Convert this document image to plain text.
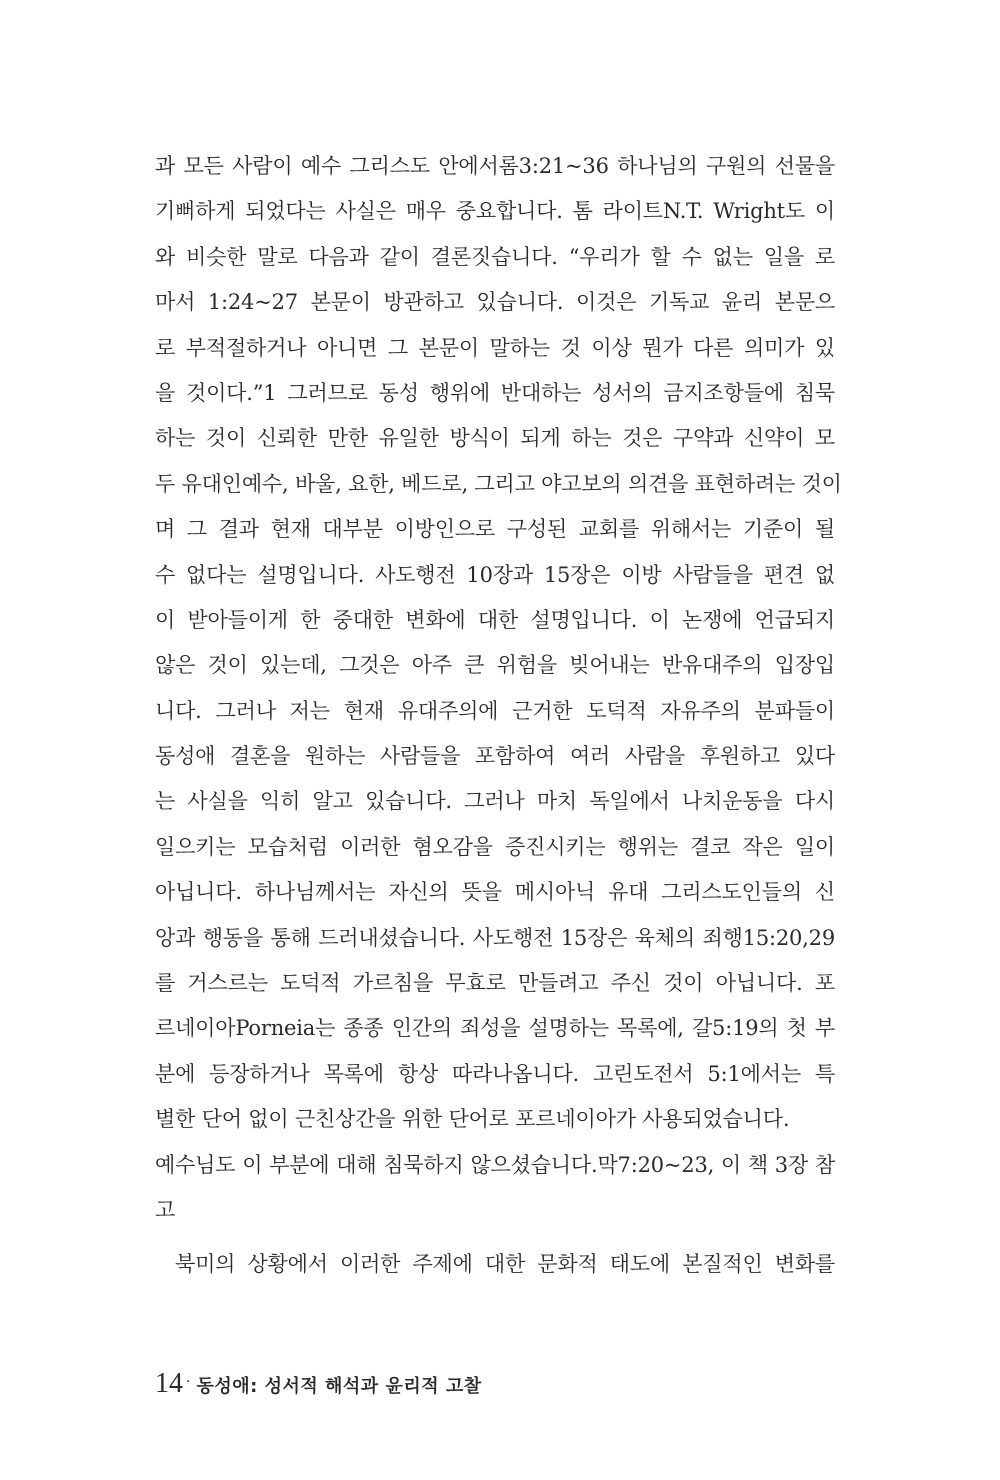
과 모든 사람이 예수 그리스도 안에서롬3:21~36 하나님의 구원의 선물을
기뻐하게 되었다는 사실은 매우 중요합니다. 톰 라이트N.T. Wright도 이
와 비슷한 말로 다음과 같이 결론짓습니다. “우리가 할 수 없는 일을 로
마서 1:24~27 본문이 방관하고 있습니다. 이것은 기독교 윤리 본문으
로 부적절하거나 아니면 그 본문이 말하는 것 이상 뭔가 다른 의미가 있
을 것이다.”1 그러므로 동성 행위에 반대하는 성서의 금지조항들에 침묵
하는 것이 신뢰한 만한 유일한 방식이 되게 하는 것은 구약과 신약이 모
두 유대인예수, 바울, 요한, 베드로, 그리고 야고보의 의견을 표현하려는 것이
며 그 결과 현재 대부분 이방인으로 구성된 교회를 위해서는 기준이 될
수 없다는 설명입니다. 사도행전 10장과 15장은 이방 사람들을 편견 없
이 받아들이게 한 중대한 변화에 대한 설명입니다. 이 논쟁에 언급되지
않은 것이 있는데, 그것은 아주 큰 위험을 빚어내는 반유대주의 입장입
니다. 그러나 저는 현재 유대주의에 근거한 도덕적 자유주의 분파들이
동성애 결혼을 원하는 사람들을 포함하여 여러 사람을 후원하고 있다
는 사실을 익히 알고 있습니다. 그러나 마치 독일에서 나치운동을 다시
일으키는 모습처럼 이러한 혐오감을 증진시키는 행위는 결코 작은 일이
아닙니다. 하나님께서는 자신의 뜻을 메시아닉 유대 그리스도인들의 신
앙과 행동을 통해 드러내셨습니다. 사도행전 15장은 육체의 죄행15:20,29
를 거스르는 도덕적 가르침을 무효로 만들려고 주신 것이 아닙니다. 포
르네이아Porneia는 종종 인간의 죄성을 설명하는 목록에, 갈5:19의 첫 부
분에 등장하거나 목록에 항상 따라나옵니다. 고린도전서 5:1에서는 특
별한 단어 없이 근친상간을 위한 단어로 포르네이아가 사용되었습니다.
예수님도 이 부분에 대해 침묵하지 않으셨습니다.막7:20~23, 이 책 3장 참
고
북미의 상황에서 이러한 주제에 대한 문화적 태도에 본질적인 변화를
14 · 동성애: 성서적 해석과 윤리적 고찰
